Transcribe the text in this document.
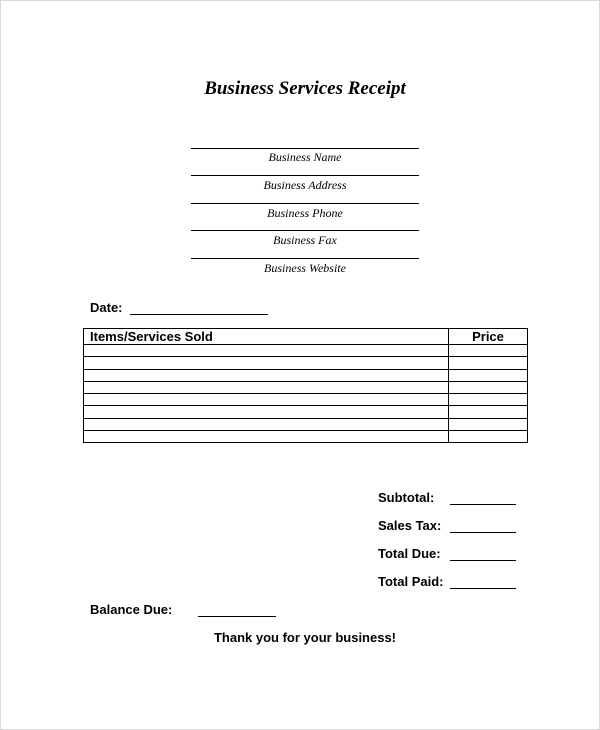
Business Services Receipt
Business Name
Business Address
Business Phone
Business Fax
Business Website
Date:
Items/Services Sold	Price

Subtotal:
Sales Tax:
Total Due:
Total Paid:
Balance Due:
Thank you for your business!
